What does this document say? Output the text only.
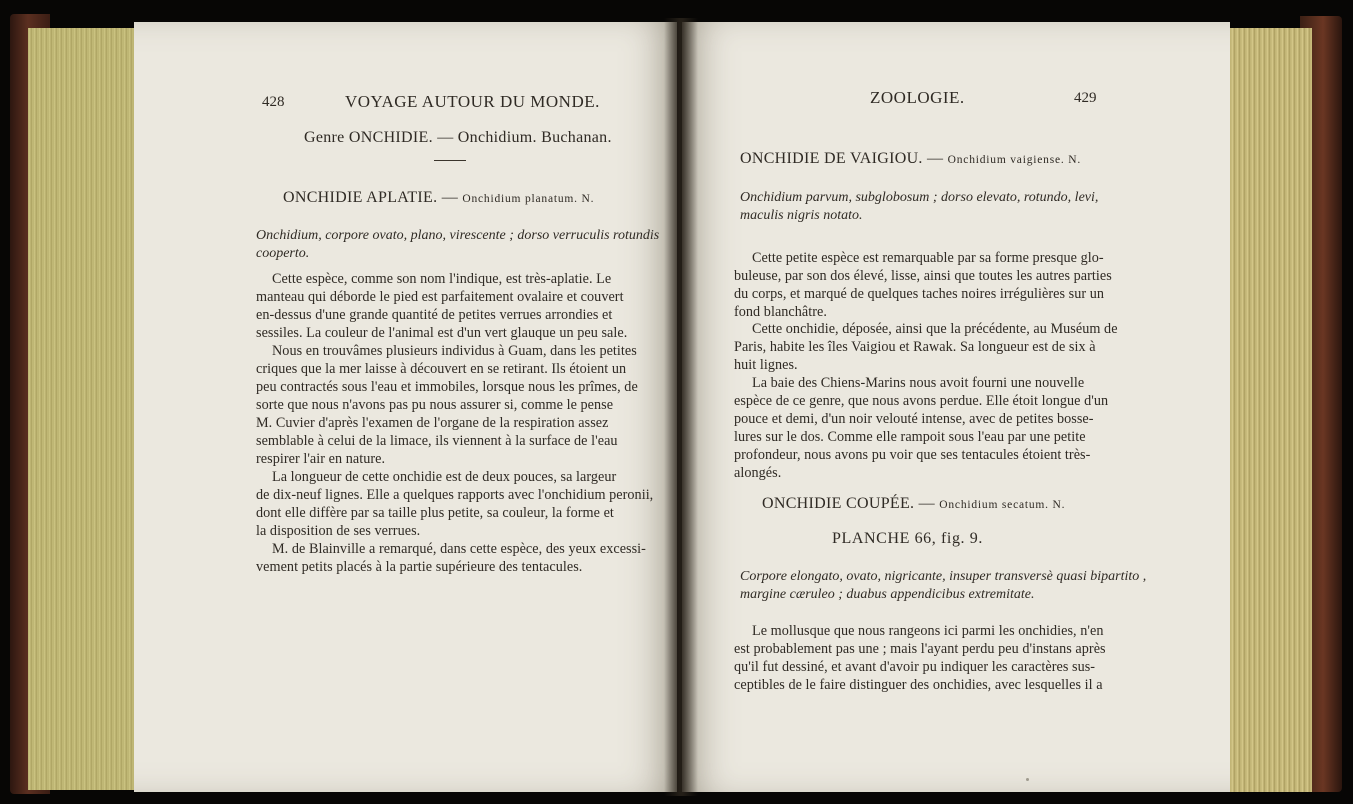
428	VOYAGE AUTOUR DU MONDE.
Genre ONCHIDIE. — Onchidium. Buchanan.
ONCHIDIE APLATIE. — Onchidium planatum. N.
Onchidium, corpore ovato, plano, virescente ; dorso verruculis rotundis
cooperto.
Cette espèce, comme son nom l'indique, est très-aplatie. Le
manteau qui déborde le pied est parfaitement ovalaire et couvert
en-dessus d'une grande quantité de petites verrues arrondies et
sessiles. La couleur de l'animal est d'un vert glauque un peu sale.
Nous en trouvâmes plusieurs individus à Guam, dans les petites
criques que la mer laisse à découvert en se retirant. Ils étoient un
peu contractés sous l'eau et immobiles, lorsque nous les prîmes, de
sorte que nous n'avons pas pu nous assurer si, comme le pense
M. Cuvier d'après l'examen de l'organe de la respiration assez
semblable à celui de la limace, ils viennent à la surface de l'eau
respirer l'air en nature.
La longueur de cette onchidie est de deux pouces, sa largeur
de dix-neuf lignes. Elle a quelques rapports avec l'onchidium peronii,
dont elle diffère par sa taille plus petite, sa couleur, la forme et
la disposition de ses verrues.
M. de Blainville a remarqué, dans cette espèce, des yeux excessi-
vement petits placés à la partie supérieure des tentacules.
ZOOLOGIE.	429
ONCHIDIE DE VAIGIOU. — Onchidium vaigiense. N.
Onchidium parvum, subglobosum ; dorso elevato, rotundo, levi,
maculis nigris notato.
Cette petite espèce est remarquable par sa forme presque glo-
buleuse, par son dos élevé, lisse, ainsi que toutes les autres parties
du corps, et marqué de quelques taches noires irrégulières sur un
fond blanchâtre.
Cette onchidie, déposée, ainsi que la précédente, au Muséum de
Paris, habite les îles Vaigiou et Rawak. Sa longueur est de six à
huit lignes.
La baie des Chiens-Marins nous avoit fourni une nouvelle
espèce de ce genre, que nous avons perdue. Elle étoit longue d'un
pouce et demi, d'un noir velouté intense, avec de petites bosse-
lures sur le dos. Comme elle rampoit sous l'eau par une petite
profondeur, nous avons pu voir que ses tentacules étoient très-
alongés.
ONCHIDIE COUPÉE. — Onchidium secatum. N.
PLANCHE 66, fig. 9.
Corpore elongato, ovato, nigricante, insuper transversè quasi bipartito ,
margine cæruleo ; duabus appendicibus extremitate.
Le mollusque que nous rangeons ici parmi les onchidies, n'en
est probablement pas une ; mais l'ayant perdu peu d'instans après
qu'il fut dessiné, et avant d'avoir pu indiquer les caractères sus-
ceptibles de le faire distinguer des onchidies, avec lesquelles il a
